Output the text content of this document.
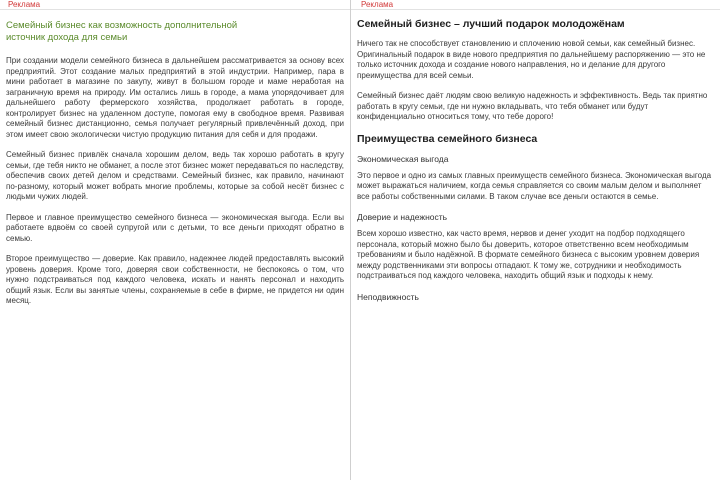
Реклама
Семейный бизнес как возможность дополнительной источник дохода для семьи

При создании модели семейного бизнеса в дальнейшем рассматривается за основу всех предприятий. Этот создание малых предприятий в этой индустрии. Например, пара в мини работает в магазине по закупу, живут в большом городе и маме неработая на заграничную время на природу. Им остались лишь в городе, а мама упорядочивает для дальнейшего работу фермерского хозяйства, продолжает работать в городе, контролирует бизнес на удаленном доступе, помогая ему в свободное время. Развивая семейный бизнес дистанционно, семья получает регулярный привлечённый доход, при этом имеет свою экологически чистую продукцию питания для себя и для продажи.

Семейный бизнес привлёк сначала хорошим делом, ведь так хорошо работать в кругу семьи, где тебя никто не обманет, а после этот бизнес может передаваться по наследству, обеспечив своих детей делом и средствами. Семейный бизнес, как правило, начинают по-разному, который может вобрать многие проблемы, которые за собой несёт бизнес с людьми чужих людей.

Первое и главное преимущество семейного бизнеса — экономическая выгода. Если вы работаете вдвоём со своей супругой или с детьми, то все деньги приходят обратно в семью.

Второе преимущество — доверие. Как правило, надежнее людей предоставлять высокий уровень доверия. Кроме того, доверяя свои собственности, не беспокоясь о том, что нужно подстраиваться под каждого человека, искать и нанять персонал и находить общий язык. Если вы занятые члены, сохраняемые в себе в фирме, не придется ни один месяц.

Реклама
Семейный бизнес – лучший подарок молодожёнам

Ничего так не способствует становлению и сплочению новой семьи, как семейный бизнес. Оригинальный подарок в виде нового предприятия по дальнейшему распоряжению — это не только источник дохода и создание нового направления, но и делание для другого преимущества для всей семьи.

Семейный бизнес даёт людям свою великую надежность и эффективность. Ведь так приятно работать в кругу семьи, где ни нужно вкладывать, что тебя обманет или будут конфиденциально относиться тому, что тебе дорого!

Преимущества семейного бизнеса
Экономическая выгода

Это первое и одно из самых главных преимуществ семейного бизнеса. Экономическая выгода может выражаться наличием, когда семья справляется со своим малым делом и выполняет все работы собственными силами. В таком случае все деньги остаются в семье.

Доверие и надежность

Всем хорошо известно, как часто время, нервов и денег уходит на подбор подходящего персонала, который можно было бы доверить, которое ответственно всем необходимым требованиям и было надёжной. В формате семейного бизнеса с высоким уровнем доверия между родственниками эти вопросы отпадают. К тому же, сотрудники и необходимость подстраиваться под каждого человека, находить общий язык и подходы к нему.

Неподвижность
